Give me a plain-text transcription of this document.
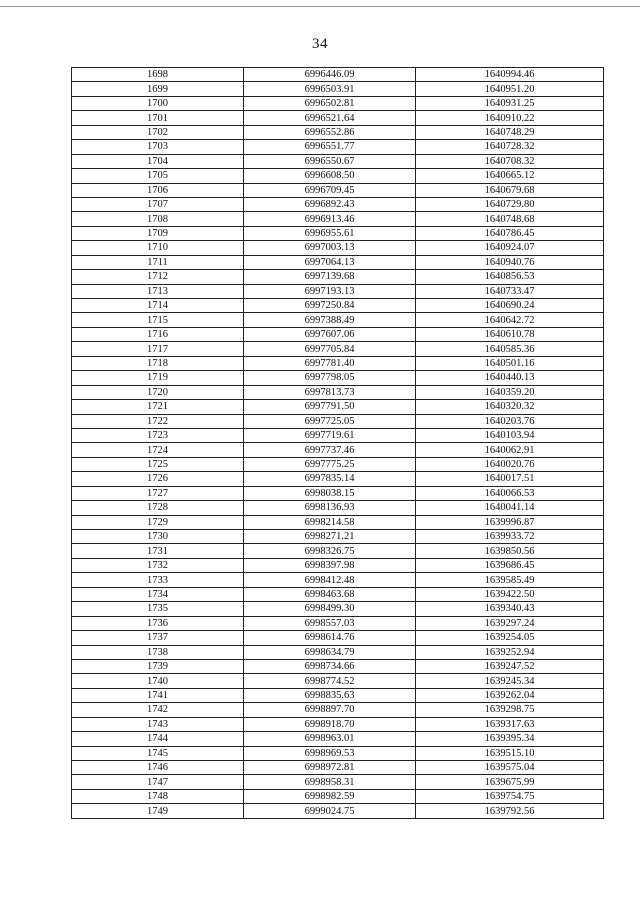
34
1698	6996446.09	1640994.46
1699	6996503.91	1640951.20
1700	6996502.81	1640931.25
1701	6996521.64	1640910.22
1702	6996552.86	1640748.29
1703	6996551.77	1640728.32
1704	6996550.67	1640708.32
1705	6996608.50	1640665.12
1706	6996709.45	1640679.68
1707	6996892.43	1640729.80
1708	6996913.46	1640748.68
1709	6996955.61	1640786.45
1710	6997003.13	1640924.07
1711	6997064.13	1640940.76
1712	6997139.68	1640856.53
1713	6997193.13	1640733.47
1714	6997250.84	1640690.24
1715	6997388.49	1640642.72
1716	6997607.06	1640610.78
1717	6997705.84	1640585.36
1718	6997781.40	1640501.16
1719	6997798.05	1640440.13
1720	6997813.73	1640359.20
1721	6997791.50	1640320.32
1722	6997725.05	1640203.76
1723	6997719.61	1640103.94
1724	6997737.46	1640062.91
1725	6997775.25	1640020.76
1726	6997835.14	1640017.51
1727	6998038.15	1640066.53
1728	6998136.93	1640041.14
1729	6998214.58	1639996.87
1730	6998271.21	1639933.72
1731	6998326.75	1639850.56
1732	6998397.98	1639686.45
1733	6998412.48	1639585.49
1734	6998463.68	1639422.50
1735	6998499.30	1639340.43
1736	6998557.03	1639297.24
1737	6998614.76	1639254.05
1738	6998634.79	1639252.94
1739	6998734.66	1639247.52
1740	6998774.52	1639245.34
1741	6998835.63	1639262.04
1742	6998897.70	1639298.75
1743	6998918.70	1639317.63
1744	6998963.01	1639395.34
1745	6998969.53	1639515.10
1746	6998972.81	1639575.04
1747	6998958.31	1639675.99
1748	6998982.59	1639754.75
1749	6999024.75	1639792.56
